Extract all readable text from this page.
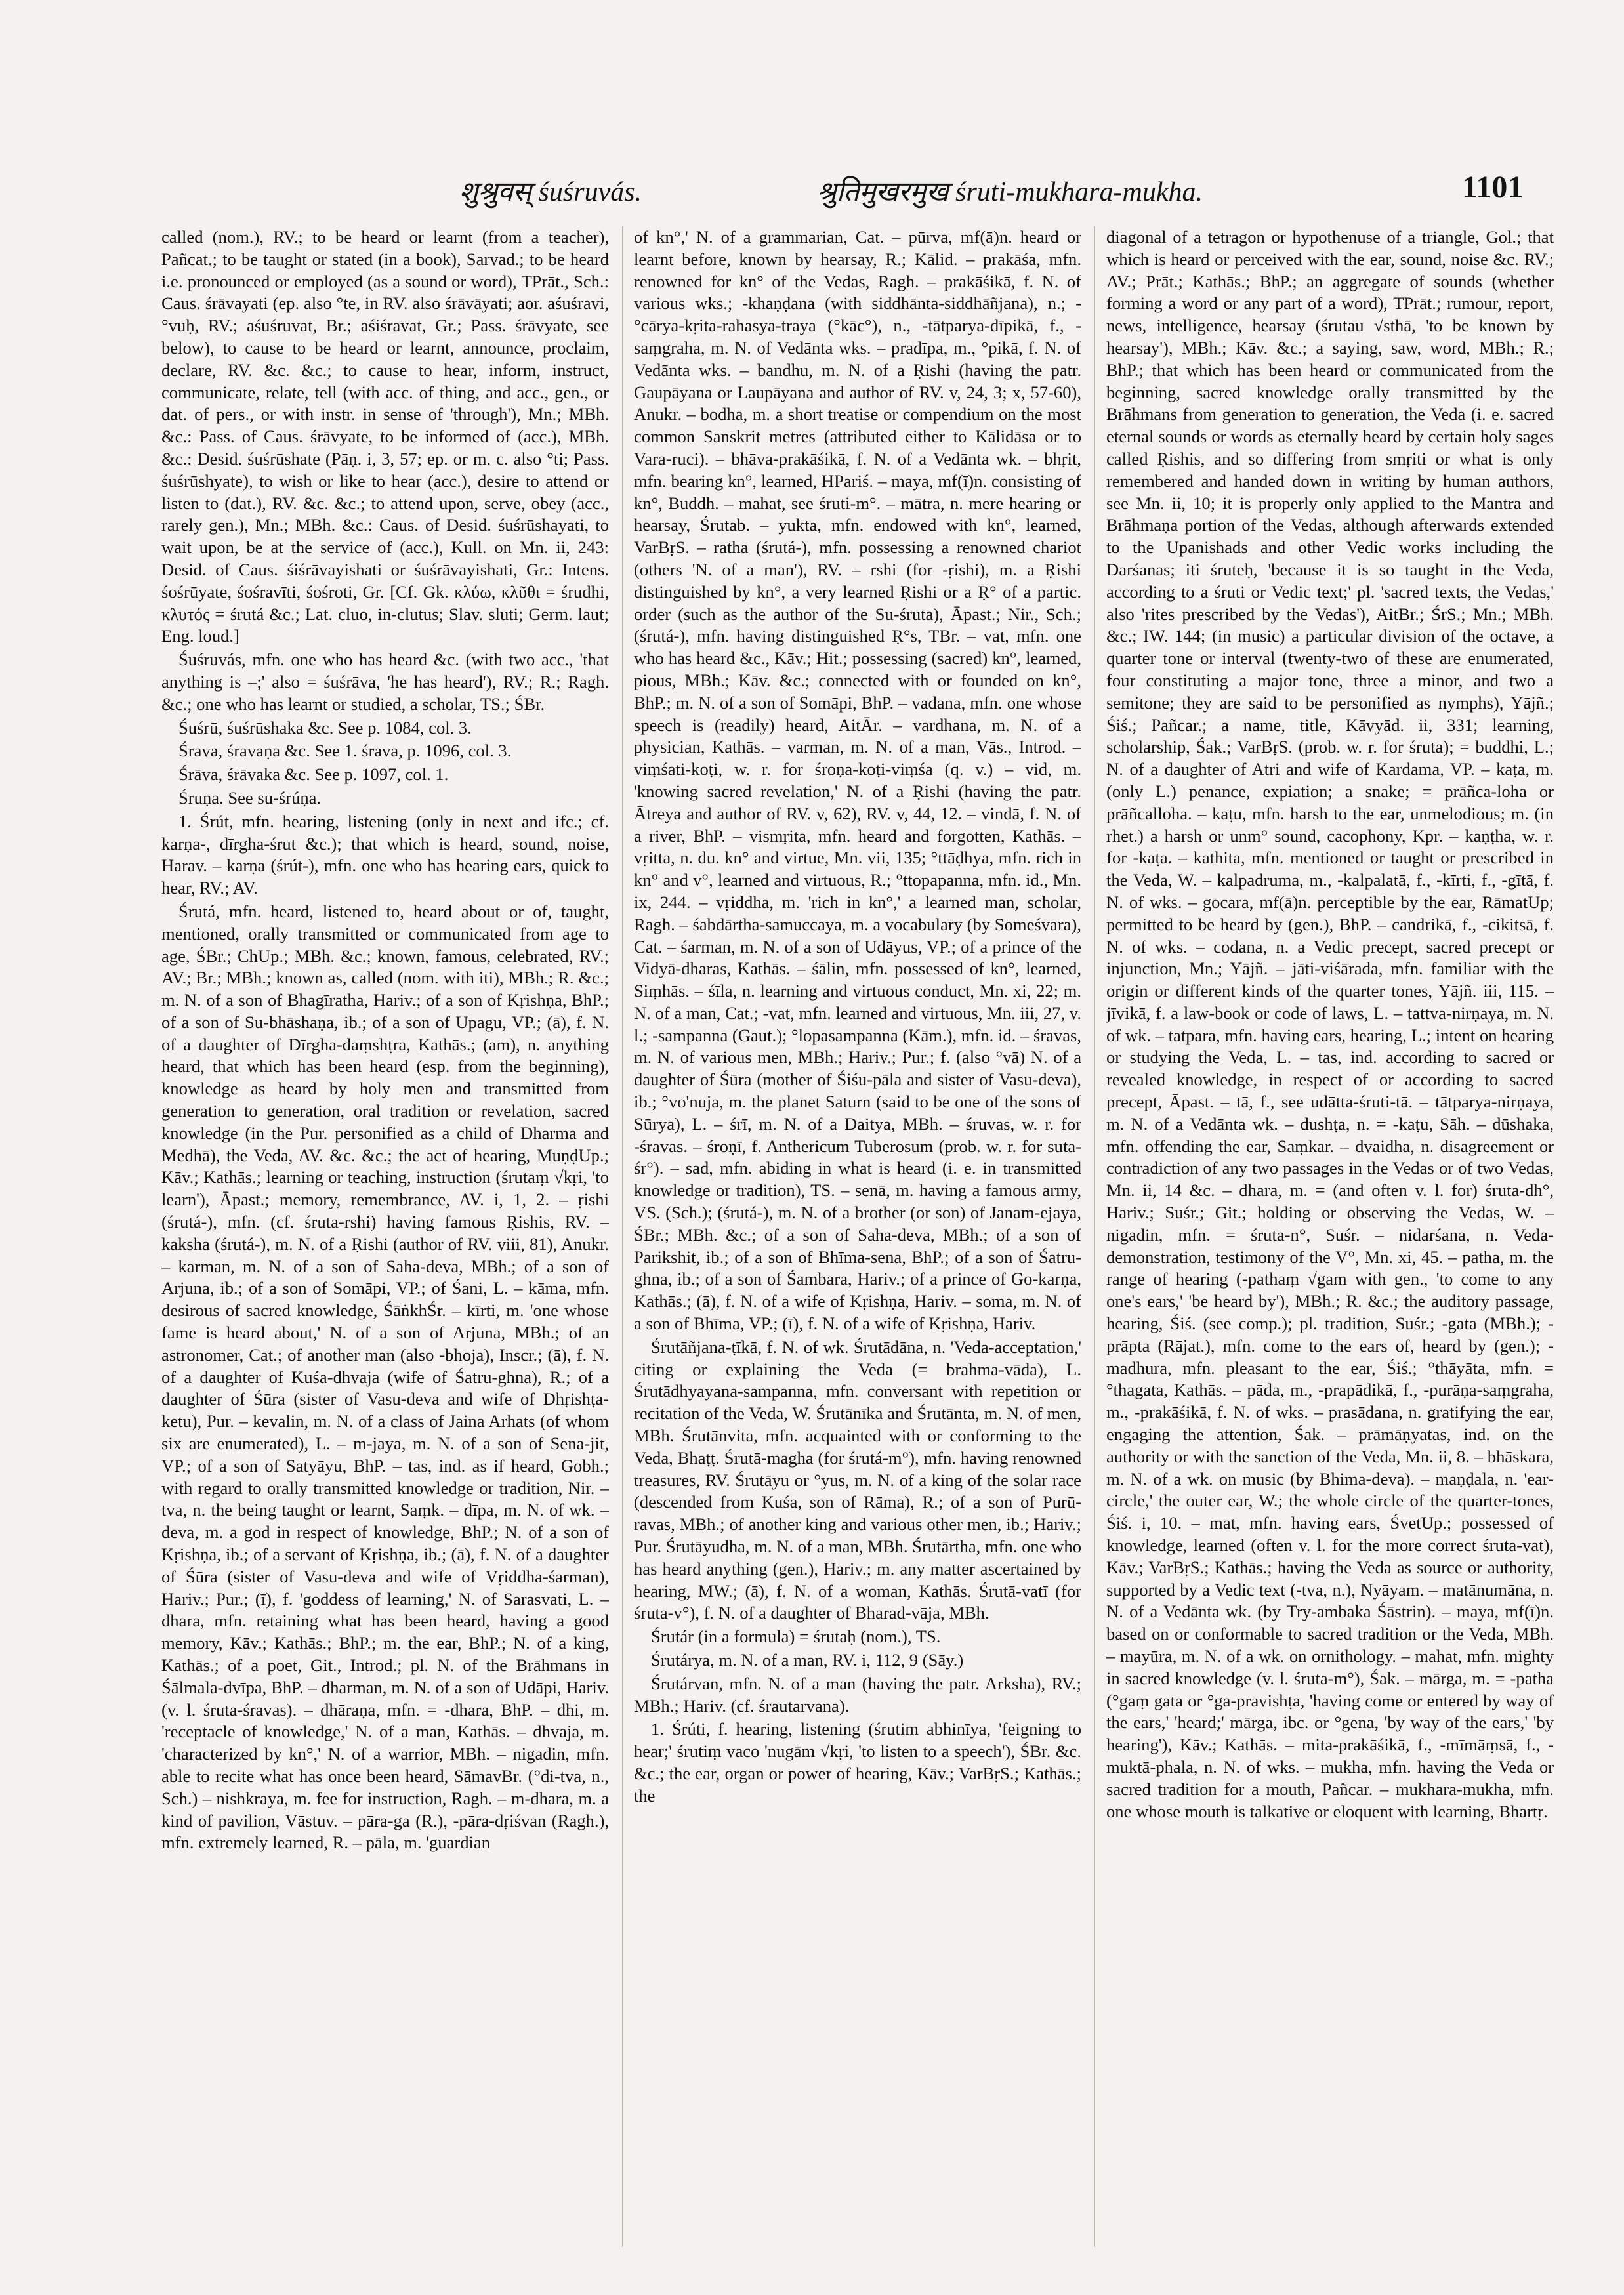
शुश्रुवस् śuśruvás.	श्रुतिमुखरमुख śruti-mukhara-mukha.	1101

called (nom.), RV.; to be heard or learnt (from a teacher), Pañcat.; to be taught or stated (in a book), Sarvad.; to be heard i.e. pronounced or employed (as a sound or word), TPrāt., Sch.: Caus. śrāvayati (ep. also °te, in RV. also śrāvāyati; aor. aśuśravi, °vuḥ, RV.; aśuśruvat, Br.; aśiśravat, Gr.; Pass. śrāvyate, see below), to cause to be heard or learnt, announce, proclaim, declare, RV. &c. &c.; to cause to hear, inform, instruct, communicate, relate, tell (with acc. of thing, and acc., gen., or dat. of pers., or with instr. in sense of 'through'), Mn.; MBh. &c.: Pass. of Caus. śrāvyate, to be informed of (acc.), MBh. &c.: Desid. śuśrūshate (Pāṇ. i, 3, 57; ep. or m. c. also °ti; Pass. śuśrūshyate), to wish or like to hear (acc.), desire to attend or listen to (dat.), RV. &c. &c.; to attend upon, serve, obey (acc., rarely gen.), Mn.; MBh. &c.: Caus. of Desid. śuśrūshayati, to wait upon, be at the service of (acc.), Kull. on Mn. ii, 243: Desid. of Caus. śiśrāvayishati or śuśrāvayishati, Gr.: Intens. śośrūyate, śośravīti, śośroti, Gr. [Cf. Gk. κλύω, κλῦθι = śrudhi, κλυτός = śrutá &c.; Lat. cluo, in-clutus; Slav. sluti; Germ. laut; Eng. loud.]

Śuśruvás, mfn. one who has heard &c. (with two acc., 'that anything is –;' also = śuśrāva, 'he has heard'), RV.; R.; Ragh. &c.; one who has learnt or studied, a scholar, TS.; ŚBr.

Śuśrū, śuśrūshaka &c. See p. 1084, col. 3.

Śrava, śravaṇa &c. See 1. śrava, p. 1096, col. 3.

Śrāva, śrāvaka &c. See p. 1097, col. 1.

Śruṇa. See su-śrúṇa.

1. Śrút, mfn. hearing, listening (only in next and ifc.; cf. karṇa-, dīrgha-śrut &c.); that which is heard, sound, noise, Harav. – karṇa (śrút-), mfn. one who has hearing ears, quick to hear, RV.; AV.

Śrutá, mfn. heard, listened to, heard about or of, taught, mentioned, orally transmitted or communicated from age to age, ŚBr.; ChUp.; MBh. &c.; known, famous, celebrated, RV.; AV.; Br.; MBh.; known as, called (nom. with iti), MBh.; R. &c.; m. N. of a son of Bhagīratha, Hariv.; of a son of Kṛishṇa, BhP.; of a son of Su-bhāshaṇa, ib.; of a son of Upagu, VP.; (ā), f. N. of a daughter of Dīrgha-daṃshṭra, Kathās.; (am), n. anything heard, that which has been heard (esp. from the beginning), knowledge as heard by holy men and transmitted from generation to generation, oral tradition or revelation, sacred knowledge (in the Pur. personified as a child of Dharma and Medhā), the Veda, AV. &c. &c.; the act of hearing, MuṇḍUp.; Kāv.; Kathās.; learning or teaching, instruction (śrutaṃ √kṛi, 'to learn'), Āpast.; memory, remembrance, AV. i, 1, 2. – ṛishi (śrutá-), mfn. (cf. śruta-rshi) having famous Ṛishis, RV. – kaksha (śrutá-), m. N. of a Ṛishi (author of RV. viii, 81), Anukr. – karman, m. N. of a son of Saha-deva, MBh.; of a son of Arjuna, ib.; of a son of Somāpi, VP.; of Śani, L. – kāma, mfn. desirous of sacred knowledge, ŚāṅkhŚr. – kīrti, m. 'one whose fame is heard about,' N. of a son of Arjuna, MBh.; of an astronomer, Cat.; of another man (also -bhoja), Inscr.; (ā), f. N. of a daughter of Kuśa-dhvaja (wife of Śatru-ghna), R.; of a daughter of Śūra (sister of Vasu-deva and wife of Dhṛishṭa-ketu), Pur. – kevalin, m. N. of a class of Jaina Arhats (of whom six are enumerated), L. – m-jaya, m. N. of a son of Sena-jit, VP.; of a son of Satyāyu, BhP. – tas, ind. as if heard, Gobh.; with regard to orally transmitted knowledge or tradition, Nir. – tva, n. the being taught or learnt, Saṃk. – dīpa, m. N. of wk. – deva, m. a god in respect of knowledge, BhP.; N. of a son of Kṛishṇa, ib.; of a servant of Kṛishṇa, ib.; (ā), f. N. of a daughter of Śūra (sister of Vasu-deva and wife of Vṛiddha-śarman), Hariv.; Pur.; (ī), f. 'goddess of learning,' N. of Sarasvati, L. – dhara, mfn. retaining what has been heard, having a good memory, Kāv.; Kathās.; BhP.; m. the ear, BhP.; N. of a king, Kathās.; of a poet, Git., Introd.; pl. N. of the Brāhmans in Śālmala-dvīpa, BhP. – dharman, m. N. of a son of Udāpi, Hariv. (v. l. śruta-śravas). – dhāraṇa, mfn. = -dhara, BhP. – dhi, m. 'receptacle of knowledge,' N. of a man, Kathās. – dhvaja, m. 'characterized by kn°,' N. of a warrior, MBh. – nigadin, mfn. able to recite what has once been heard, SāmavBr. (°di-tva, n., Sch.) – nishkraya, m. fee for instruction, Ragh. – m-dhara, m. a kind of pavilion, Vāstuv. – pāra-ga (R.), -pāra-dṛiśvan (Ragh.), mfn. extremely learned, R. – pāla, m. 'guardian

of kn°,' N. of a grammarian, Cat. – pūrva, mf(ā)n. heard or learnt before, known by hearsay, R.; Kālid. – prakāśa, mfn. renowned for kn° of the Vedas, Ragh. – prakāśikā, f. N. of various wks.; -khaṇḍana (with siddhānta-siddhāñjana), n.; -°cārya-kṛita-rahasya-traya (°kāc°), n., -tātparya-dīpikā, f., -saṃgraha, m. N. of Vedānta wks. – pradīpa, m., °pikā, f. N. of Vedānta wks. – bandhu, m. N. of a Ṛishi (having the patr. Gaupāyana or Laupāyana and author of RV. v, 24, 3; x, 57-60), Anukr. – bodha, m. a short treatise or compendium on the most common Sanskrit metres (attributed either to Kālidāsa or to Vara-ruci). – bhāva-prakāśikā, f. N. of a Vedānta wk. – bhṛit, mfn. bearing kn°, learned, HPariś. – maya, mf(ī)n. consisting of kn°, Buddh. – mahat, see śruti-m°. – mātra, n. mere hearing or hearsay, Śrutab. – yukta, mfn. endowed with kn°, learned, VarBṛS. – ratha (śrutá-), mfn. possessing a renowned chariot (others 'N. of a man'), RV. – rshi (for -ṛishi), m. a Ṛishi distinguished by kn°, a very learned Ṛishi or a Ṛ° of a partic. order (such as the author of the Su-śruta), Āpast.; Nir., Sch.; (śrutá-), mfn. having distinguished Ṛ°s, TBr. – vat, mfn. one who has heard &c., Kāv.; Hit.; possessing (sacred) kn°, learned, pious, MBh.; Kāv. &c.; connected with or founded on kn°, BhP.; m. N. of a son of Somāpi, BhP. – vadana, mfn. one whose speech is (readily) heard, AitĀr. – vardhana, m. N. of a physician, Kathās. – varman, m. N. of a man, Vās., Introd. – viṃśati-koṭi, w. r. for śroṇa-koṭi-viṃśa (q. v.) – vid, m. 'knowing sacred revelation,' N. of a Ṛishi (having the patr. Ātreya and author of RV. v, 62), RV. v, 44, 12. – vindā, f. N. of a river, BhP. – vismṛita, mfn. heard and forgotten, Kathās. – vṛitta, n. du. kn° and virtue, Mn. vii, 135; °ttāḍhya, mfn. rich in kn° and v°, learned and virtuous, R.; °ttopapanna, mfn. id., Mn. ix, 244. – vṛiddha, m. 'rich in kn°,' a learned man, scholar, Ragh. – śabdārtha-samuccaya, m. a vocabulary (by Someśvara), Cat. – śarman, m. N. of a son of Udāyus, VP.; of a prince of the Vidyā-dharas, Kathās. – śālin, mfn. possessed of kn°, learned, Siṃhās. – śīla, n. learning and virtuous conduct, Mn. xi, 22; m. N. of a man, Cat.; -vat, mfn. learned and virtuous, Mn. iii, 27, v. l.; -sampanna (Gaut.); °lopasampanna (Kām.), mfn. id. – śravas, m. N. of various men, MBh.; Hariv.; Pur.; f. (also °vā) N. of a daughter of Śūra (mother of Śiśu-pāla and sister of Vasu-deva), ib.; °vo'nuja, m. the planet Saturn (said to be one of the sons of Sūrya), L. – śrī, m. N. of a Daitya, MBh. – śruvas, w. r. for -śravas. – śroṇī, f. Anthericum Tuberosum (prob. w. r. for suta-śr°). – sad, mfn. abiding in what is heard (i. e. in transmitted knowledge or tradition), TS. – senā, m. having a famous army, VS. (Sch.); (śrutá-), m. N. of a brother (or son) of Janam-ejaya, ŚBr.; MBh. &c.; of a son of Saha-deva, MBh.; of a son of Parikshit, ib.; of a son of Bhīma-sena, BhP.; of a son of Śatru-ghna, ib.; of a son of Śambara, Hariv.; of a prince of Go-karṇa, Kathās.; (ā), f. N. of a wife of Kṛishṇa, Hariv. – soma, m. N. of a son of Bhīma, VP.; (ī), f. N. of a wife of Kṛishṇa, Hariv.

Śrutāñjana-ṭīkā, f. N. of wk. Śrutādāna, n. 'Veda-acceptation,' citing or explaining the Veda (= brahma-vāda), L. Śrutādhyayana-sampanna, mfn. conversant with repetition or recitation of the Veda, W. Śrutānīka and Śrutānta, m. N. of men, MBh. Śrutānvita, mfn. acquainted with or conforming to the Veda, Bhaṭṭ. Śrutā-magha (for śrutá-m°), mfn. having renowned treasures, RV. Śrutāyu or °yus, m. N. of a king of the solar race (descended from Kuśa, son of Rāma), R.; of a son of Purū-ravas, MBh.; of another king and various other men, ib.; Hariv.; Pur. Śrutāyudha, m. N. of a man, MBh. Śrutārtha, mfn. one who has heard anything (gen.), Hariv.; m. any matter ascertained by hearing, MW.; (ā), f. N. of a woman, Kathās. Śrutā-vatī (for śruta-v°), f. N. of a daughter of Bharad-vāja, MBh.

Śrutár (in a formula) = śrutaḥ (nom.), TS.

Śrutárya, m. N. of a man, RV. i, 112, 9 (Sāy.)

Śrutárvan, mfn. N. of a man (having the patr. Arksha), RV.; MBh.; Hariv. (cf. śrautarvana).

1. Śrúti, f. hearing, listening (śrutim abhinīya, 'feigning to hear;' śrutiṃ vaco 'nugām √kṛi, 'to listen to a speech'), ŚBr. &c. &c.; the ear, organ or power of hearing, Kāv.; VarBṛS.; Kathās.; the

diagonal of a tetragon or hypothenuse of a triangle, Gol.; that which is heard or perceived with the ear, sound, noise &c. RV.; AV.; Prāt.; Kathās.; BhP.; an aggregate of sounds (whether forming a word or any part of a word), TPrāt.; rumour, report, news, intelligence, hearsay (śrutau √sthā, 'to be known by hearsay'), MBh.; Kāv. &c.; a saying, saw, word, MBh.; R.; BhP.; that which has been heard or communicated from the beginning, sacred knowledge orally transmitted by the Brāhmans from generation to generation, the Veda (i. e. sacred eternal sounds or words as eternally heard by certain holy sages called Ṛishis, and so differing from smṛiti or what is only remembered and handed down in writing by human authors, see Mn. ii, 10; it is properly only applied to the Mantra and Brāhmaṇa portion of the Vedas, although afterwards extended to the Upanishads and other Vedic works including the Darśanas; iti śruteḥ, 'because it is so taught in the Veda, according to a śruti or Vedic text;' pl. 'sacred texts, the Vedas,' also 'rites prescribed by the Vedas'), AitBr.; ŚrS.; Mn.; MBh. &c.; IW. 144; (in music) a particular division of the octave, a quarter tone or interval (twenty-two of these are enumerated, four constituting a major tone, three a minor, and two a semitone; they are said to be personified as nymphs), Yājñ.; Śiś.; Pañcar.; a name, title, Kāvyād. ii, 331; learning, scholarship, Śak.; VarBṛS. (prob. w. r. for śruta); = buddhi, L.; N. of a daughter of Atri and wife of Kardama, VP. – kaṭa, m. (only L.) penance, expiation; a snake; = prāñca-loha or prāñcalloha. – kaṭu, mfn. harsh to the ear, unmelodious; m. (in rhet.) a harsh or unm° sound, cacophony, Kpr. – kaṇṭha, w. r. for -kaṭa. – kathita, mfn. mentioned or taught or prescribed in the Veda, W. – kalpadruma, m., -kalpalatā, f., -kīrti, f., -gītā, f. N. of wks. – gocara, mf(ā)n. perceptible by the ear, RāmatUp; permitted to be heard by (gen.), BhP. – candrikā, f., -cikitsā, f. N. of wks. – codana, n. a Vedic precept, sacred precept or injunction, Mn.; Yājñ. – jāti-viśārada, mfn. familiar with the origin or different kinds of the quarter tones, Yājñ. iii, 115. – jīvikā, f. a law-book or code of laws, L. – tattva-nirṇaya, m. N. of wk. – tatpara, mfn. having ears, hearing, L.; intent on hearing or studying the Veda, L. – tas, ind. according to sacred or revealed knowledge, in respect of or according to sacred precept, Āpast. – tā, f., see udātta-śruti-tā. – tātparya-nirṇaya, m. N. of a Vedānta wk. – dushṭa, n. = -kaṭu, Sāh. – dūshaka, mfn. offending the ear, Saṃkar. – dvaidha, n. disagreement or contradiction of any two passages in the Vedas or of two Vedas, Mn. ii, 14 &c. – dhara, m. = (and often v. l. for) śruta-dh°, Hariv.; Suśr.; Git.; holding or observing the Vedas, W. – nigadin, mfn. = śruta-n°, Suśr. – nidarśana, n. Veda-demonstration, testimony of the V°, Mn. xi, 45. – patha, m. the range of hearing (-pathaṃ √gam with gen., 'to come to any one's ears,' 'be heard by'), MBh.; R. &c.; the auditory passage, hearing, Śiś. (see comp.); pl. tradition, Suśr.; -gata (MBh.); -prāpta (Rājat.), mfn. come to the ears of, heard by (gen.); -madhura, mfn. pleasant to the ear, Śiś.; °thāyāta, mfn. = °thagata, Kathās. – pāda, m., -prapādikā, f., -purāṇa-saṃgraha, m., -prakāśikā, f. N. of wks. – prasādana, n. gratifying the ear, engaging the attention, Śak. – prāmāṇyatas, ind. on the authority or with the sanction of the Veda, Mn. ii, 8. – bhāskara, m. N. of a wk. on music (by Bhima-deva). – maṇḍala, n. 'ear-circle,' the outer ear, W.; the whole circle of the quarter-tones, Śiś. i, 10. – mat, mfn. having ears, ŚvetUp.; possessed of knowledge, learned (often v. l. for the more correct śruta-vat), Kāv.; VarBṛS.; Kathās.; having the Veda as source or authority, supported by a Vedic text (-tva, n.), Nyāyam. – matānumāna, n. N. of a Vedānta wk. (by Try-ambaka Śāstrin). – maya, mf(ī)n. based on or conformable to sacred tradition or the Veda, MBh. – mayūra, m. N. of a wk. on ornithology. – mahat, mfn. mighty in sacred knowledge (v. l. śruta-m°), Śak. – mārga, m. = -patha (°gaṃ gata or °ga-pravishṭa, 'having come or entered by way of the ears,' 'heard;' mārga, ibc. or °gena, 'by way of the ears,' 'by hearing'), Kāv.; Kathās. – mita-prakāśikā, f., -mīmāṃsā, f., -muktā-phala, n. N. of wks. – mukha, mfn. having the Veda or sacred tradition for a mouth, Pañcar. – mukhara-mukha, mfn. one whose mouth is talkative or eloquent with learning, Bhartṛ.
